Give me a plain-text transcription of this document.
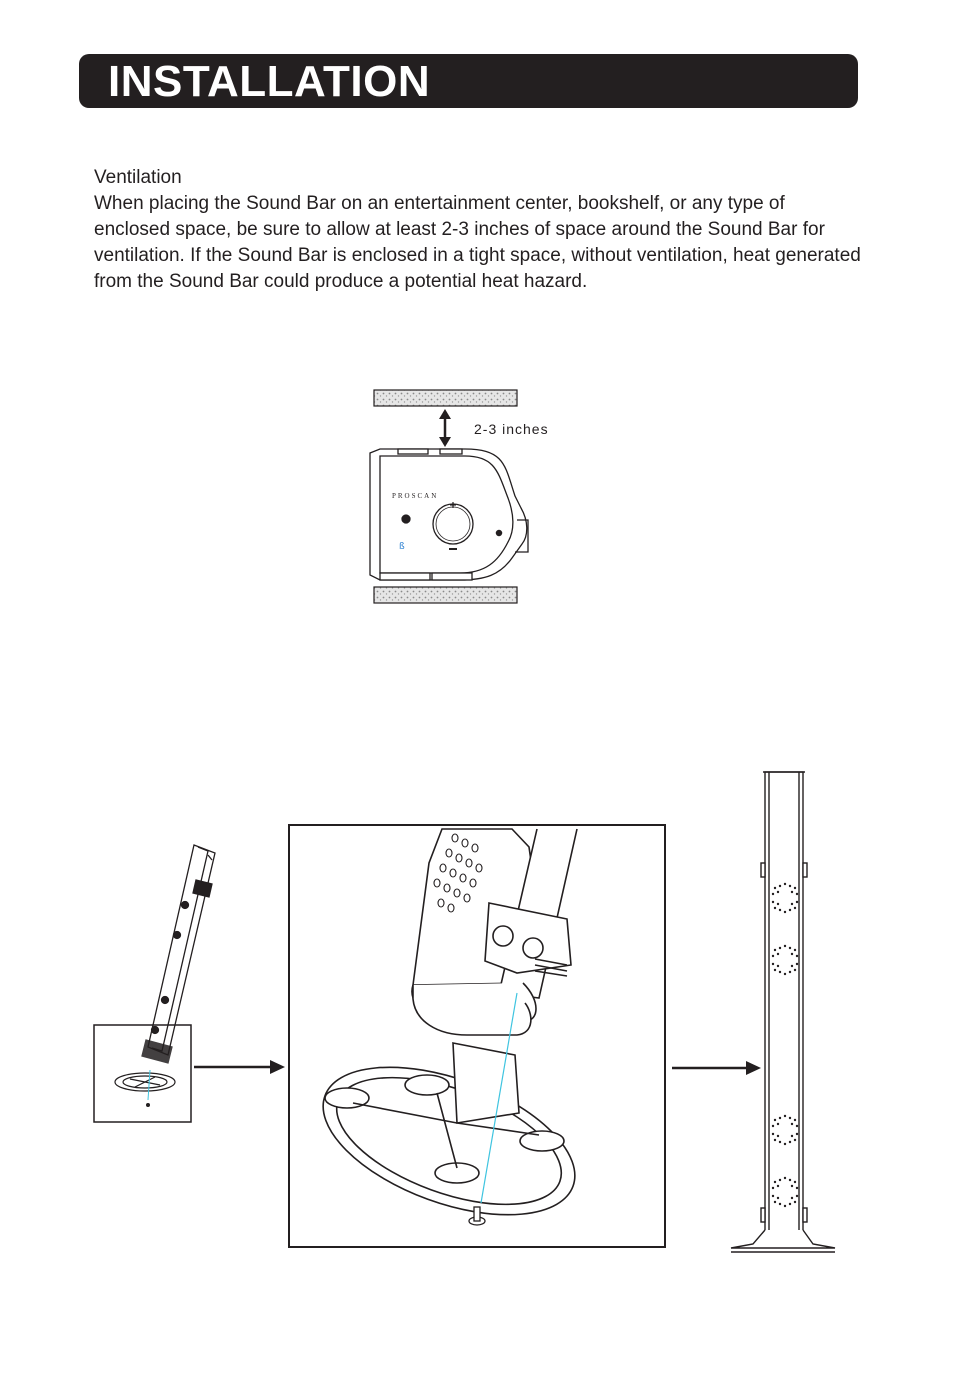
INSTALLATION
Ventilation

When placing the Sound Bar on an entertainment center, bookshelf, or any type of enclosed space, be sure to allow at least 2-3 inches of space around the Sound Bar for ventilation. If the Sound Bar is enclosed in a tight space, without ventilation, heat generated from the Sound Bar could produce a potential heat hazard.

PROSCAN
ß
2-3 inches
